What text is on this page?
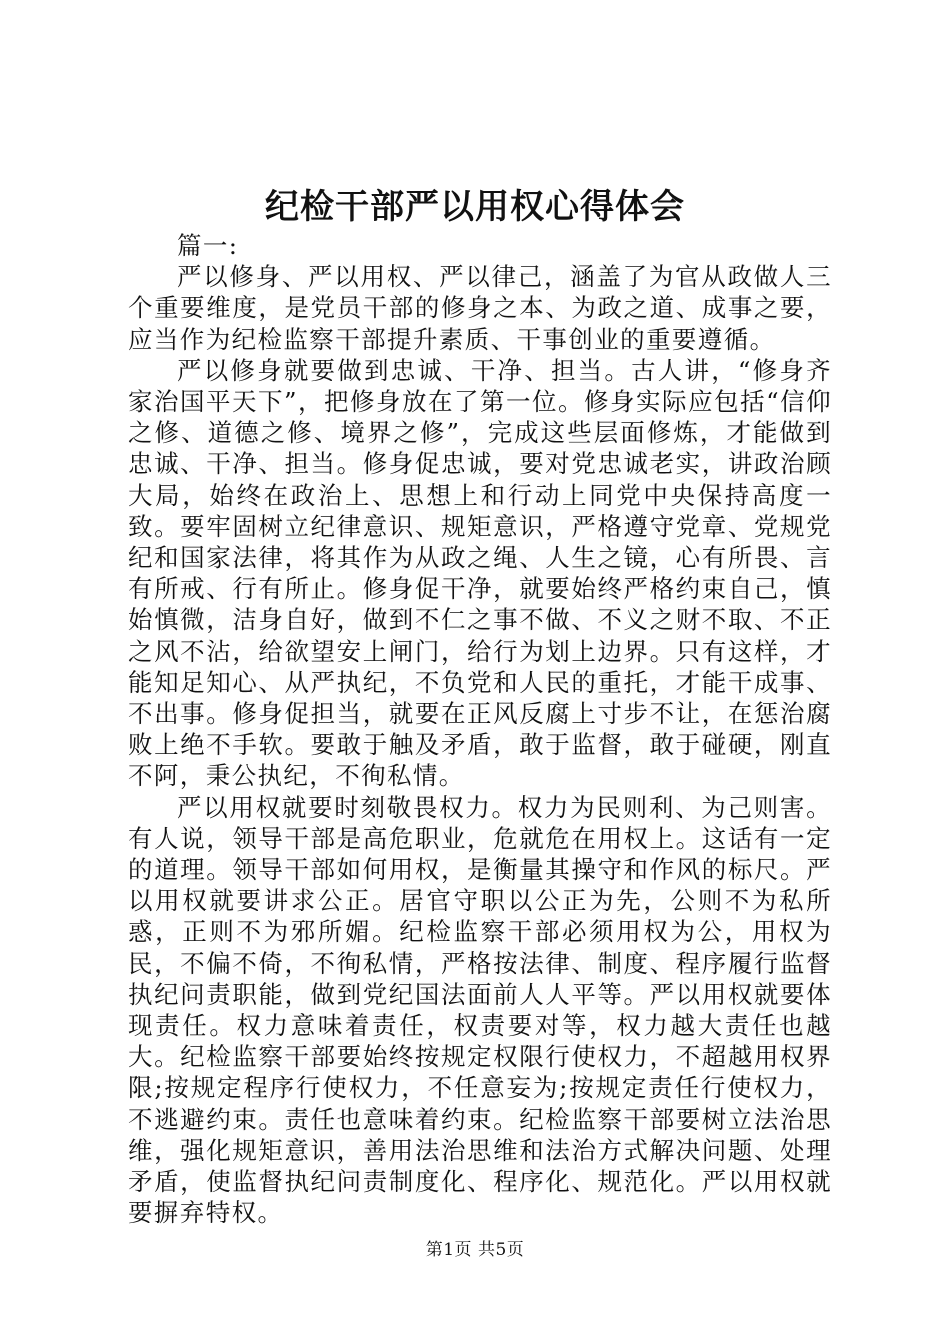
纪检干部严以用权心得体会

篇一:

严以修身、严以用权、严以律己，涵盖了为官从政做人三个重要维度，是党员干部的修身之本、为政之道、成事之要，应当作为纪检监察干部提升素质、干事创业的重要遵循。

严以修身就要做到忠诚、干净、担当。古人讲，“修身齐家治国平天下”，把修身放在了第一位。修身实际应包括“信仰之修、道德之修、境界之修”，完成这些层面修炼，才能做到忠诚、干净、担当。修身促忠诚，要对党忠诚老实，讲政治顾大局，始终在政治上、思想上和行动上同党中央保持高度一致。要牢固树立纪律意识、规矩意识，严格遵守党章、党规党纪和国家法律，将其作为从政之绳、人生之镜，心有所畏、言有所戒、行有所止。修身促干净，就要始终严格约束自己，慎始慎微，洁身自好，做到不仁之事不做、不义之财不取、不正之风不沾，给欲望安上闸门，给行为划上边界。只有这样，才能知足知心、从严执纪，不负党和人民的重托，才能干成事、不出事。修身促担当，就要在正风反腐上寸步不让，在惩治腐败上绝不手软。要敢于触及矛盾，敢于监督，敢于碰硬，刚直不阿，秉公执纪，不徇私情。

严以用权就要时刻敬畏权力。权力为民则利、为己则害。有人说，领导干部是高危职业，危就危在用权上。这话有一定的道理。领导干部如何用权，是衡量其操守和作风的标尺。严以用权就要讲求公正。居官守职以公正为先，公则不为私所惑，正则不为邪所媚。纪检监察干部必须用权为公，用权为民，不偏不倚，不徇私情，严格按法律、制度、程序履行监督执纪问责职能，做到党纪国法面前人人平等。严以用权就要体现责任。权力意味着责任，权责要对等，权力越大责任也越大。纪检监察干部要始终按规定权限行使权力，不超越用权界限;按规定程序行使权力，不任意妄为;按规定责任行使权力，不逃避约束。责任也意味着约束。纪检监察干部要树立法治思维，强化规矩意识，善用法治思维和法治方式解决问题、处理矛盾，使监督执纪问责制度化、程序化、规范化。严以用权就要摒弃特权。

第1页 共5页
